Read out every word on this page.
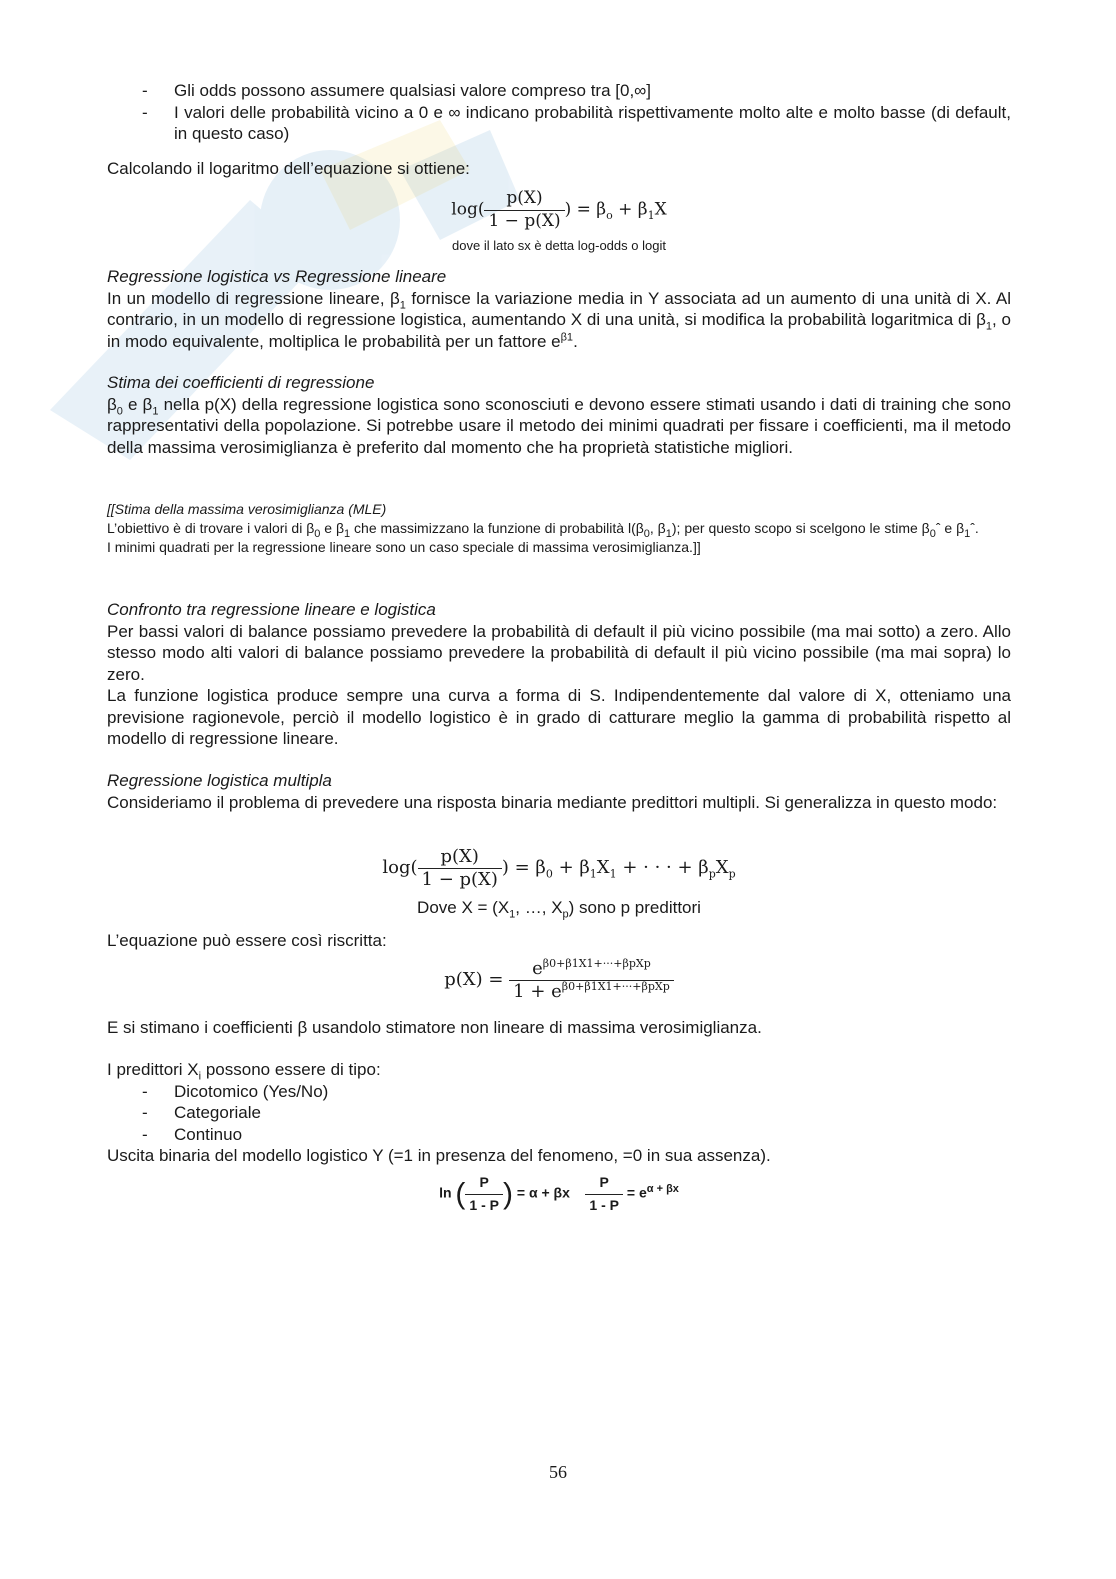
- Gli odds possono assumere qualsiasi valore compreso tra [0,∞]
- I valori delle probabilità vicino a 0 e ∞ indicano probabilità rispettivamente molto alte e molto basse (di default, in questo caso)
Calcolando il logaritmo dell’equazione si ottiene:
$\log( \frac{p(X)}{1 - p(X)}$ ) = $\beta_o + \beta_1X$
dove il lato sx è detta log-odds o logit
Regressione logistica vs Regressione lineare
In un modello di regressione lineare, $\beta_1$ fornisce la variazione media in Y associata ad un aumento di una unità di X. Al contrario, in un modello di regressione logistica, aumentando X di una unità, si modifica la probabilità logaritmica di $\beta_1$, o in modo equivalente, moltiplica le probabilità per un fattore $e^{\beta 1}$.
Stima dei coefficienti di regressione
$\beta_0$ e $\beta_1$ nella p(X) della regressione logistica sono sconosciuti e devono essere stimati usando i dati di training che sono rappresentativi della popolazione. Si potrebbe usare il metodo dei minimi quadrati per fissare i coefficienti, ma il metodo della massima verosimiglianza è preferito dal momento che ha proprietà statistiche migliori.
[[Stima della massima verosimiglianza (MLE)
L’obiettivo è di trovare i valori di $\beta_0$ e $\beta_1$ che massimizzano la funzione di probabilità $l(\beta_0$, $\beta_1$); per questo scopo si scelgono le stime $\beta_0ˆ$ e $\beta_1ˆ$.
I minimi quadrati per la regressione lineare sono un caso speciale di massima verosimiglianza.]]
Confronto tra regressione lineare e logistica
Per bassi valori di balance possiamo prevedere la probabilità di default il più vicino possibile (ma mai sotto) a zero. Allo stesso modo alti valori di balance possiamo prevedere la probabilità di default il più vicino possibile (ma mai sopra) lo zero.
La funzione logistica produce sempre una curva a forma di S. Indipendentemente dal valore di X, otteniamo una previsione ragionevole, perciò il modello logistico è in grado di catturare meglio la gamma di probabilità rispetto al modello di regressione lineare.
Regressione logistica multipla
Consideriamo il problema di prevedere una risposta binaria mediante predittori multipli. Si generalizza in questo modo:
$\log( \frac{p(X)}{1 - p(X)}$ ) = $\beta_0 + \beta_1X_1$ + · · · + $\beta_pX_p$
Dove $X = (X_1$, …, $X_p$) sono p predittori
L’equazione può essere così riscritta:
$p(X) = \frac{e^{\beta 0+\beta 1X1+\cdot\cdot\cdot+\beta pXp}}{1 + e^{\beta 0+\beta 1X1+\cdot\cdot\cdot+\beta pXp}}$
E si stimano i coefficienti β usandolo stimatore non lineare di massima verosimiglianza.
I predittori $X_i$ possono essere di tipo:
- Dicotomico (Yes/No)
- Categoriale
- Continuo
Uscita binaria del modello logistico Y (=1 in presenza del fenomeno, =0 in sua assenza).
ln ( $\frac{P}{1 - P}$ ) = α + βx $\frac{P}{1 - P} = e^{\alpha + \beta x}$
56
